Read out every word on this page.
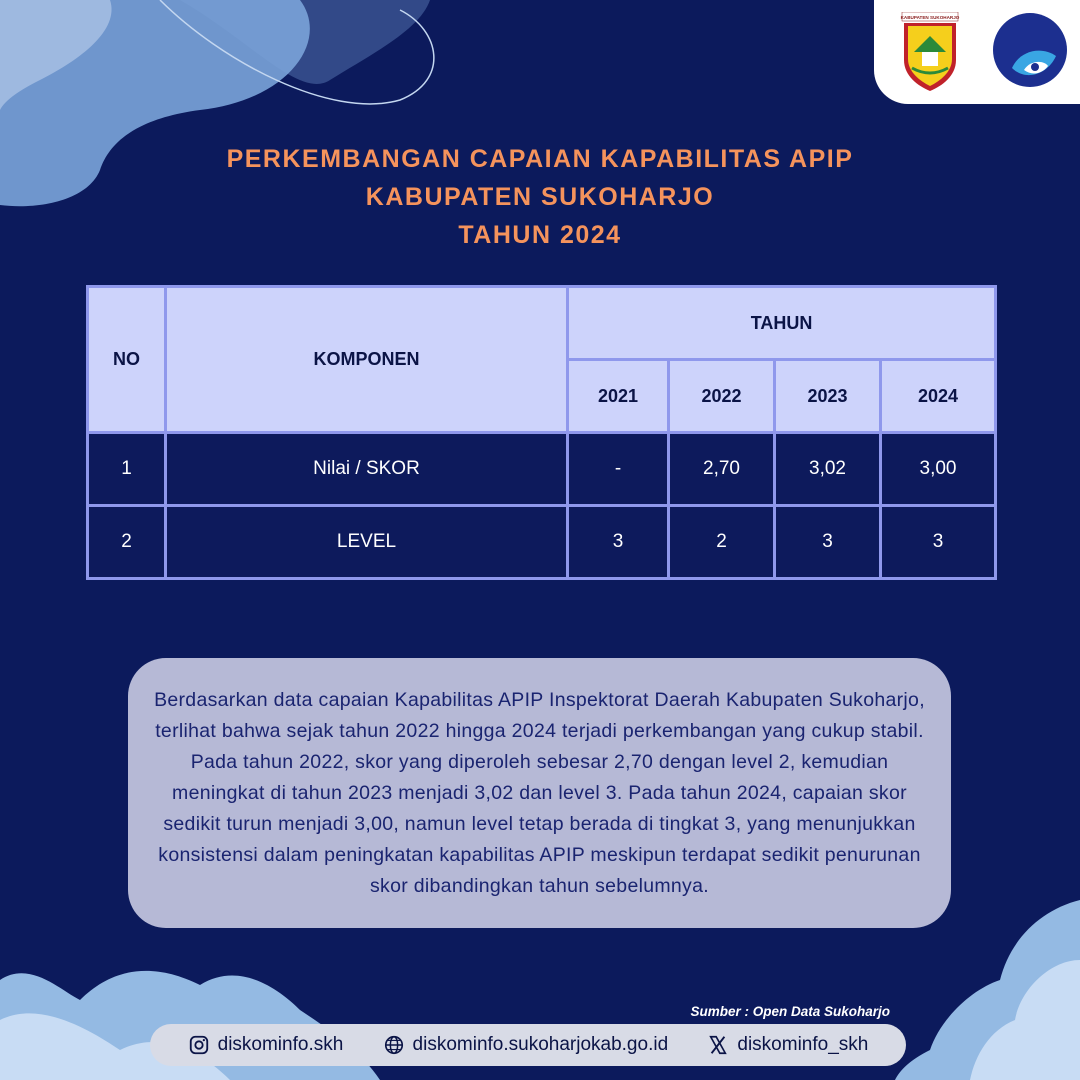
KABUPATEN SUKOHARJO
PERKEMBANGAN CAPAIAN KAPABILITAS APIP
KABUPATEN SUKOHARJO
TAHUN 2024
NO	KOMPONEN	TAHUN			
		2021	2022	2023	2024
1	Nilai / SKOR	-	2,70	3,02	3,00
2	LEVEL	3	2	3	3
Berdasarkan data capaian Kapabilitas APIP Inspektorat Daerah Kabupaten Sukoharjo, terlihat bahwa sejak tahun 2022 hingga 2024 terjadi perkembangan yang cukup stabil. Pada tahun 2022, skor yang diperoleh sebesar 2,70 dengan level 2, kemudian meningkat di tahun 2023 menjadi 3,02 dan level 3. Pada tahun 2024, capaian skor sedikit turun menjadi 3,00, namun level tetap berada di tingkat 3, yang menunjukkan konsistensi dalam peningkatan kapabilitas APIP meskipun terdapat sedikit penurunan skor dibandingkan tahun sebelumnya.
Sumber : Open Data Sukoharjo
diskominfo.skh	diskominfo.sukoharjokab.go.id	diskominfo_skh
